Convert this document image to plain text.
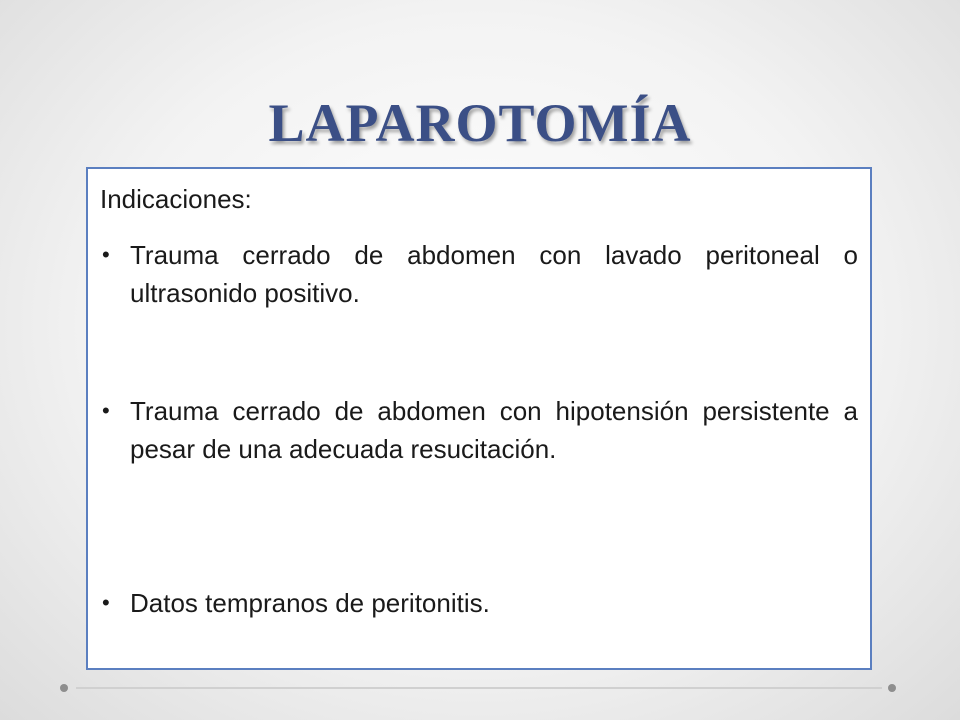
LAPAROTOMÍA
Indicaciones:
• Trauma cerrado de abdomen con lavado peritoneal o ultrasonido positivo.
• Trauma cerrado de abdomen con hipotensión persistente a pesar de una adecuada resucitación.
• Datos tempranos de peritonitis.
